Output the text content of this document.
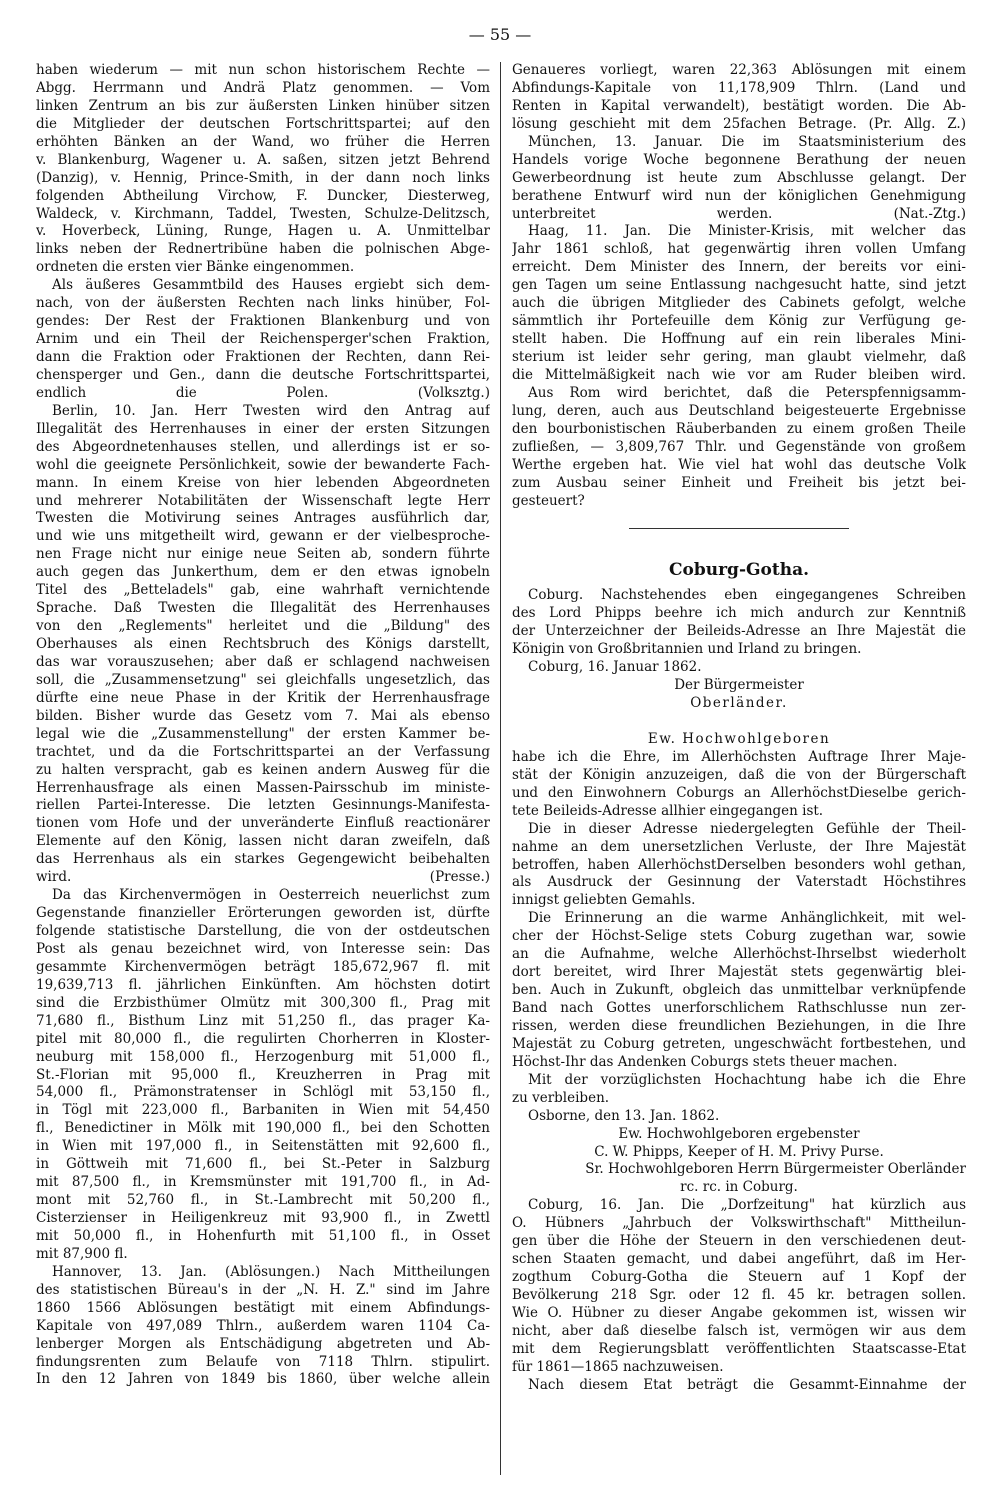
— 55 —
haben wiederum — mit nun schon historischem Rechte —
Abgg. Herrmann und Andrä Platz genommen. — Vom
linken Zentrum an bis zur äußersten Linken hinüber sitzen
die Mitglieder der deutschen Fortschrittspartei; auf den
erhöhten Bänken an der Wand, wo früher die Herren
v. Blankenburg, Wagener u. A. saßen, sitzen jetzt Behrend
(Danzig), v. Hennig, Prince-Smith, in der dann noch links
folgenden Abtheilung Virchow, F. Duncker, Diesterweg,
Waldeck, v. Kirchmann, Taddel, Twesten, Schulze-Delitzsch,
v. Hoverbeck, Lüning, Runge, Hagen u. A. Unmittelbar
links neben der Rednertribüne haben die polnischen Abge-
ordneten die ersten vier Bänke eingenommen.
Als äußeres Gesammtbild des Hauses ergiebt sich dem-
nach, von der äußersten Rechten nach links hinüber, Fol-
gendes: Der Rest der Fraktionen Blankenburg und von
Arnim und ein Theil der Reichensperger'schen Fraktion,
dann die Fraktion oder Fraktionen der Rechten, dann Rei-
chensperger und Gen., dann die deutsche Fortschrittspartei,
endlich die Polen. (Volksztg.)
Berlin, 10. Jan. Herr Twesten wird den Antrag auf
Illegalität des Herrenhauses in einer der ersten Sitzungen
des Abgeordnetenhauses stellen, und allerdings ist er so-
wohl die geeignete Persönlichkeit, sowie der bewanderte Fach-
mann. In einem Kreise von hier lebenden Abgeordneten
und mehrerer Notabilitäten der Wissenschaft legte Herr
Twesten die Motivirung seines Antrages ausführlich dar,
und wie uns mitgetheilt wird, gewann er der vielbesproche-
nen Frage nicht nur einige neue Seiten ab, sondern führte
auch gegen das Junkerthum, dem er den etwas ignobeln
Titel des „Betteladels" gab, eine wahrhaft vernichtende
Sprache. Daß Twesten die Illegalität des Herrenhauses
von den „Reglements" herleitet und die „Bildung" des
Oberhauses als einen Rechtsbruch des Königs darstellt,
das war vorauszusehen; aber daß er schlagend nachweisen
soll, die „Zusammensetzung" sei gleichfalls ungesetzlich, das
dürfte eine neue Phase in der Kritik der Herrenhausfrage
bilden. Bisher wurde das Gesetz vom 7. Mai als ebenso
legal wie die „Zusammenstellung" der ersten Kammer be-
trachtet, und da die Fortschrittspartei an der Verfassung
zu halten verspracht, gab es keinen andern Ausweg für die
Herrenhausfrage als einen Massen-Pairsschub im ministe-
riellen Partei-Interesse. Die letzten Gesinnungs-Manifesta-
tionen vom Hofe und der unveränderte Einfluß reactionärer
Elemente auf den König, lassen nicht daran zweifeln, daß
das Herrenhaus als ein starkes Gegengewicht beibehalten
wird. (Presse.)
Da das Kirchenvermögen in Oesterreich neuerlichst zum
Gegenstande finanzieller Erörterungen geworden ist, dürfte
folgende statistische Darstellung, die von der ostdeutschen
Post als genau bezeichnet wird, von Interesse sein: Das
gesammte Kirchenvermögen beträgt 185,672,967 fl. mit
19,639,713 fl. jährlichen Einkünften. Am höchsten dotirt
sind die Erzbisthümer Olmütz mit 300,300 fl., Prag mit
71,680 fl., Bisthum Linz mit 51,250 fl., das prager Ka-
pitel mit 80,000 fl., die regulirten Chorherren in Kloster-
neuburg mit 158,000 fl., Herzogenburg mit 51,000 fl.,
St.-Florian mit 95,000 fl., Kreuzherren in Prag mit
54,000 fl., Prämonstratenser in Schlögl mit 53,150 fl.,
in Tögl mit 223,000 fl., Barbaniten in Wien mit 54,450
fl., Benedictiner in Mölk mit 190,000 fl., bei den Schotten
in Wien mit 197,000 fl., in Seitenstätten mit 92,600 fl.,
in Göttweih mit 71,600 fl., bei St.-Peter in Salzburg
mit 87,500 fl., in Kremsmünster mit 191,700 fl., in Ad-
mont mit 52,760 fl., in St.-Lambrecht mit 50,200 fl.,
Cisterzienser in Heiligenkreuz mit 93,900 fl., in Zwettl
mit 50,000 fl., in Hohenfurth mit 51,100 fl., in Osset
mit 87,900 fl.
Hannover, 13. Jan. (Ablösungen.) Nach Mittheilungen
des statistischen Büreau's in der „N. H. Z." sind im Jahre
1860 1566 Ablösungen bestätigt mit einem Abfindungs-
Kapitale von 497,089 Thlrn., außerdem waren 1104 Ca-
lenberger Morgen als Entschädigung abgetreten und Ab-
findungsrenten zum Belaufe von 7118 Thlrn. stipulirt.
In den 12 Jahren von 1849 bis 1860, über welche allein
Genaueres vorliegt, waren 22,363 Ablösungen mit einem
Abfindungs-Kapitale von 11,178,909 Thlrn. (Land und
Renten in Kapital verwandelt), bestätigt worden. Die Ab-
lösung geschieht mit dem 25fachen Betrage. (Pr. Allg. Z.)
München, 13. Januar. Die im Staatsministerium des
Handels vorige Woche begonnene Berathung der neuen
Gewerbeordnung ist heute zum Abschlusse gelangt. Der
berathene Entwurf wird nun der königlichen Genehmigung
unterbreitet werden. (Nat.-Ztg.)
Haag, 11. Jan. Die Minister-Krisis, mit welcher das
Jahr 1861 schloß, hat gegenwärtig ihren vollen Umfang
erreicht. Dem Minister des Innern, der bereits vor eini-
gen Tagen um seine Entlassung nachgesucht hatte, sind jetzt
auch die übrigen Mitglieder des Cabinets gefolgt, welche
sämmtlich ihr Portefeuille dem König zur Verfügung ge-
stellt haben. Die Hoffnung auf ein rein liberales Mini-
sterium ist leider sehr gering, man glaubt vielmehr, daß
die Mittelmäßigkeit nach wie vor am Ruder bleiben wird.
Aus Rom wird berichtet, daß die Peterspfennigsamm-
lung, deren, auch aus Deutschland beigesteuerte Ergebnisse
den bourbonistischen Räuberbanden zu einem großen Theile
zufließen, — 3,809,767 Thlr. und Gegenstände von großem
Werthe ergeben hat. Wie viel hat wohl das deutsche Volk
zum Ausbau seiner Einheit und Freiheit bis jetzt bei-
gesteuert?
Coburg-Gotha.
Coburg. Nachstehendes eben eingegangenes Schreiben
des Lord Phipps beehre ich mich andurch zur Kenntniß
der Unterzeichner der Beileids-Adresse an Ihre Majestät die
Königin von Großbritannien und Irland zu bringen.
Coburg, 16. Januar 1862.
Der Bürgermeister
Oberländer.
Ew. Hochwohlgeboren
habe ich die Ehre, im Allerhöchsten Auftrage Ihrer Maje-
stät der Königin anzuzeigen, daß die von der Bürgerschaft
und den Einwohnern Coburgs an AllerhöchstDieselbe gerich-
tete Beileids-Adresse allhier eingegangen ist.
Die in dieser Adresse niedergelegten Gefühle der Theil-
nahme an dem unersetzlichen Verluste, der Ihre Majestät
betroffen, haben AllerhöchstDerselben besonders wohl gethan,
als Ausdruck der Gesinnung der Vaterstadt Höchstihres
innigst geliebten Gemahls.
Die Erinnerung an die warme Anhänglichkeit, mit wel-
cher der Höchst-Selige stets Coburg zugethan war, sowie
an die Aufnahme, welche Allerhöchst-Ihrselbst wiederholt
dort bereitet, wird Ihrer Majestät stets gegenwärtig blei-
ben. Auch in Zukunft, obgleich das unmittelbar verknüpfende
Band nach Gottes unerforschlichem Rathschlusse nun zer-
rissen, werden diese freundlichen Beziehungen, in die Ihre
Majestät zu Coburg getreten, ungeschwächt fortbestehen, und
Höchst-Ihr das Andenken Coburgs stets theuer machen.
Mit der vorzüglichsten Hochachtung habe ich die Ehre
zu verbleiben.
Osborne, den 13. Jan. 1862.
Ew. Hochwohlgeboren ergebenster
C. W. Phipps, Keeper of H. M. Privy Purse.
Sr. Hochwohlgeboren Herrn Bürgermeister Oberländer
rc. rc. in Coburg.
Coburg, 16. Jan. Die „Dorfzeitung" hat kürzlich aus
O. Hübners „Jahrbuch der Volkswirthschaft" Mittheilun-
gen über die Höhe der Steuern in den verschiedenen deut-
schen Staaten gemacht, und dabei angeführt, daß im Her-
zogthum Coburg-Gotha die Steuern auf 1 Kopf der
Bevölkerung 218 Sgr. oder 12 fl. 45 kr. betragen sollen.
Wie O. Hübner zu dieser Angabe gekommen ist, wissen wir
nicht, aber daß dieselbe falsch ist, vermögen wir aus dem
mit dem Regierungsblatt veröffentlichten Staatscasse-Etat
für 1861—1865 nachzuweisen.
Nach diesem Etat beträgt die Gesammt-Einnahme der
